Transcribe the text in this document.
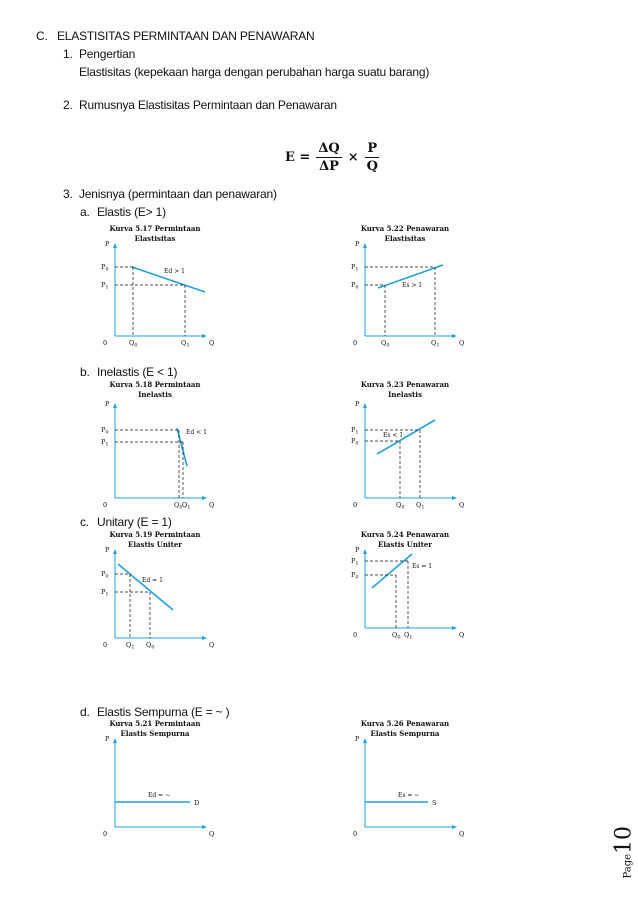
C. ELASTISITAS PERMINTAAN DAN PENAWARAN
1. Pengertian
Elastisitas (kepekaan harga dengan perubahan harga suatu barang)
2. Rumusnya Elastisitas Permintaan dan Penawaran
$E = \frac{\Delta Q}{\Delta P} \times \frac{P}{Q}$
3. Jenisnya (permintaan dan penawaran)
a. Elastis (E> 1)
b. Inelastis (E < 1)
c. Unitary (E = 1)
d. Elastis Sempurna (E = ~ )
Kurva 5.17 Permintaan
Elastisitas
P
Q
0
$P_0$
$P_1$
$Q_0$	$Q_1$
Ed > 1
Kurva 5.22 Penawaran
Elastisitas
P
Q
0
$P_1$
$P_0$
$Q_0$	$Q_1$
Es > 1
Kurva 5.18 Permintaan
Inelastis
P
Q
0
$P_0$
$P_1$
$Q_0$ $Q_1$
Ed < 1
Kurva 5.23 Penawaran
Inelastis
P
Q
0
$P_1$
$P_0$
$Q_0$ $Q_1$
Es < 1
Kurva 5.19 Permintaan
Elastis Uniter
P
Q
0
$P_0$
$P_1$
$Q_1$ $Q_0$
Ed = 1
Kurva 5.24 Penawaran
Elastis Uniter
P
Q
0
$P_1$
$P_0$
$Q_0$ $Q_1$
Es = 1
Kurva 5.21 Permintaan
Elastis Sempurna
P
Q
0
Ed = ~
D
Kurva 5.26 Penawaran
Elastis Sempurna
P
Q
0
Es = ~
S
Page10
